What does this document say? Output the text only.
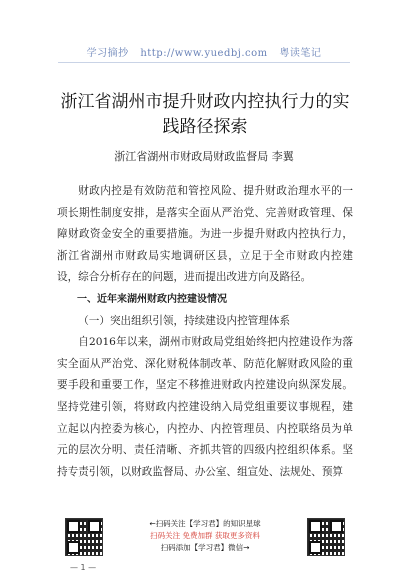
学习摘抄 http://www.yuedbj.com 粤读笔记
浙江省湖州市提升财政内控执行力的实践路径探索
浙江省湖州市财政局财政监督局 李翼

财政内控是有效防范和管控风险、提升财政治理水平的一项长期性制度安排，是落实全面从严治党、完善财政管理、保障财政资金安全的重要措施。为进一步提升财政内控执行力，浙江省湖州市财政局实地调研区县，立足于全市财政内控建设，综合分析存在的问题，进而提出改进方向及路径。

一、近年来湖州财政内控建设情况

（一）突出组织引领，持续建设内控管理体系

自2016年以来，湖州市财政局党组始终把内控建设作为落实全面从严治党、深化财税体制改革、防范化解财政风险的重要手段和重要工作，坚定不移推进财政内控建设向纵深发展。坚持党建引领，将财政内控建设纳入局党组重要议事规程，建立起以内控委为核心，内控办、内控管理员、内控联络员为单元的层次分明、责任清晰、齐抓共管的四级内控组织体系。坚持专责引领，以财政监督局、办公室、组宣处、法规处、预算

←扫码关注【学习君】的知识星球
扫码关注 免费加群 获取更多资料
扫码添加【学习君】微信→
— 1 —
